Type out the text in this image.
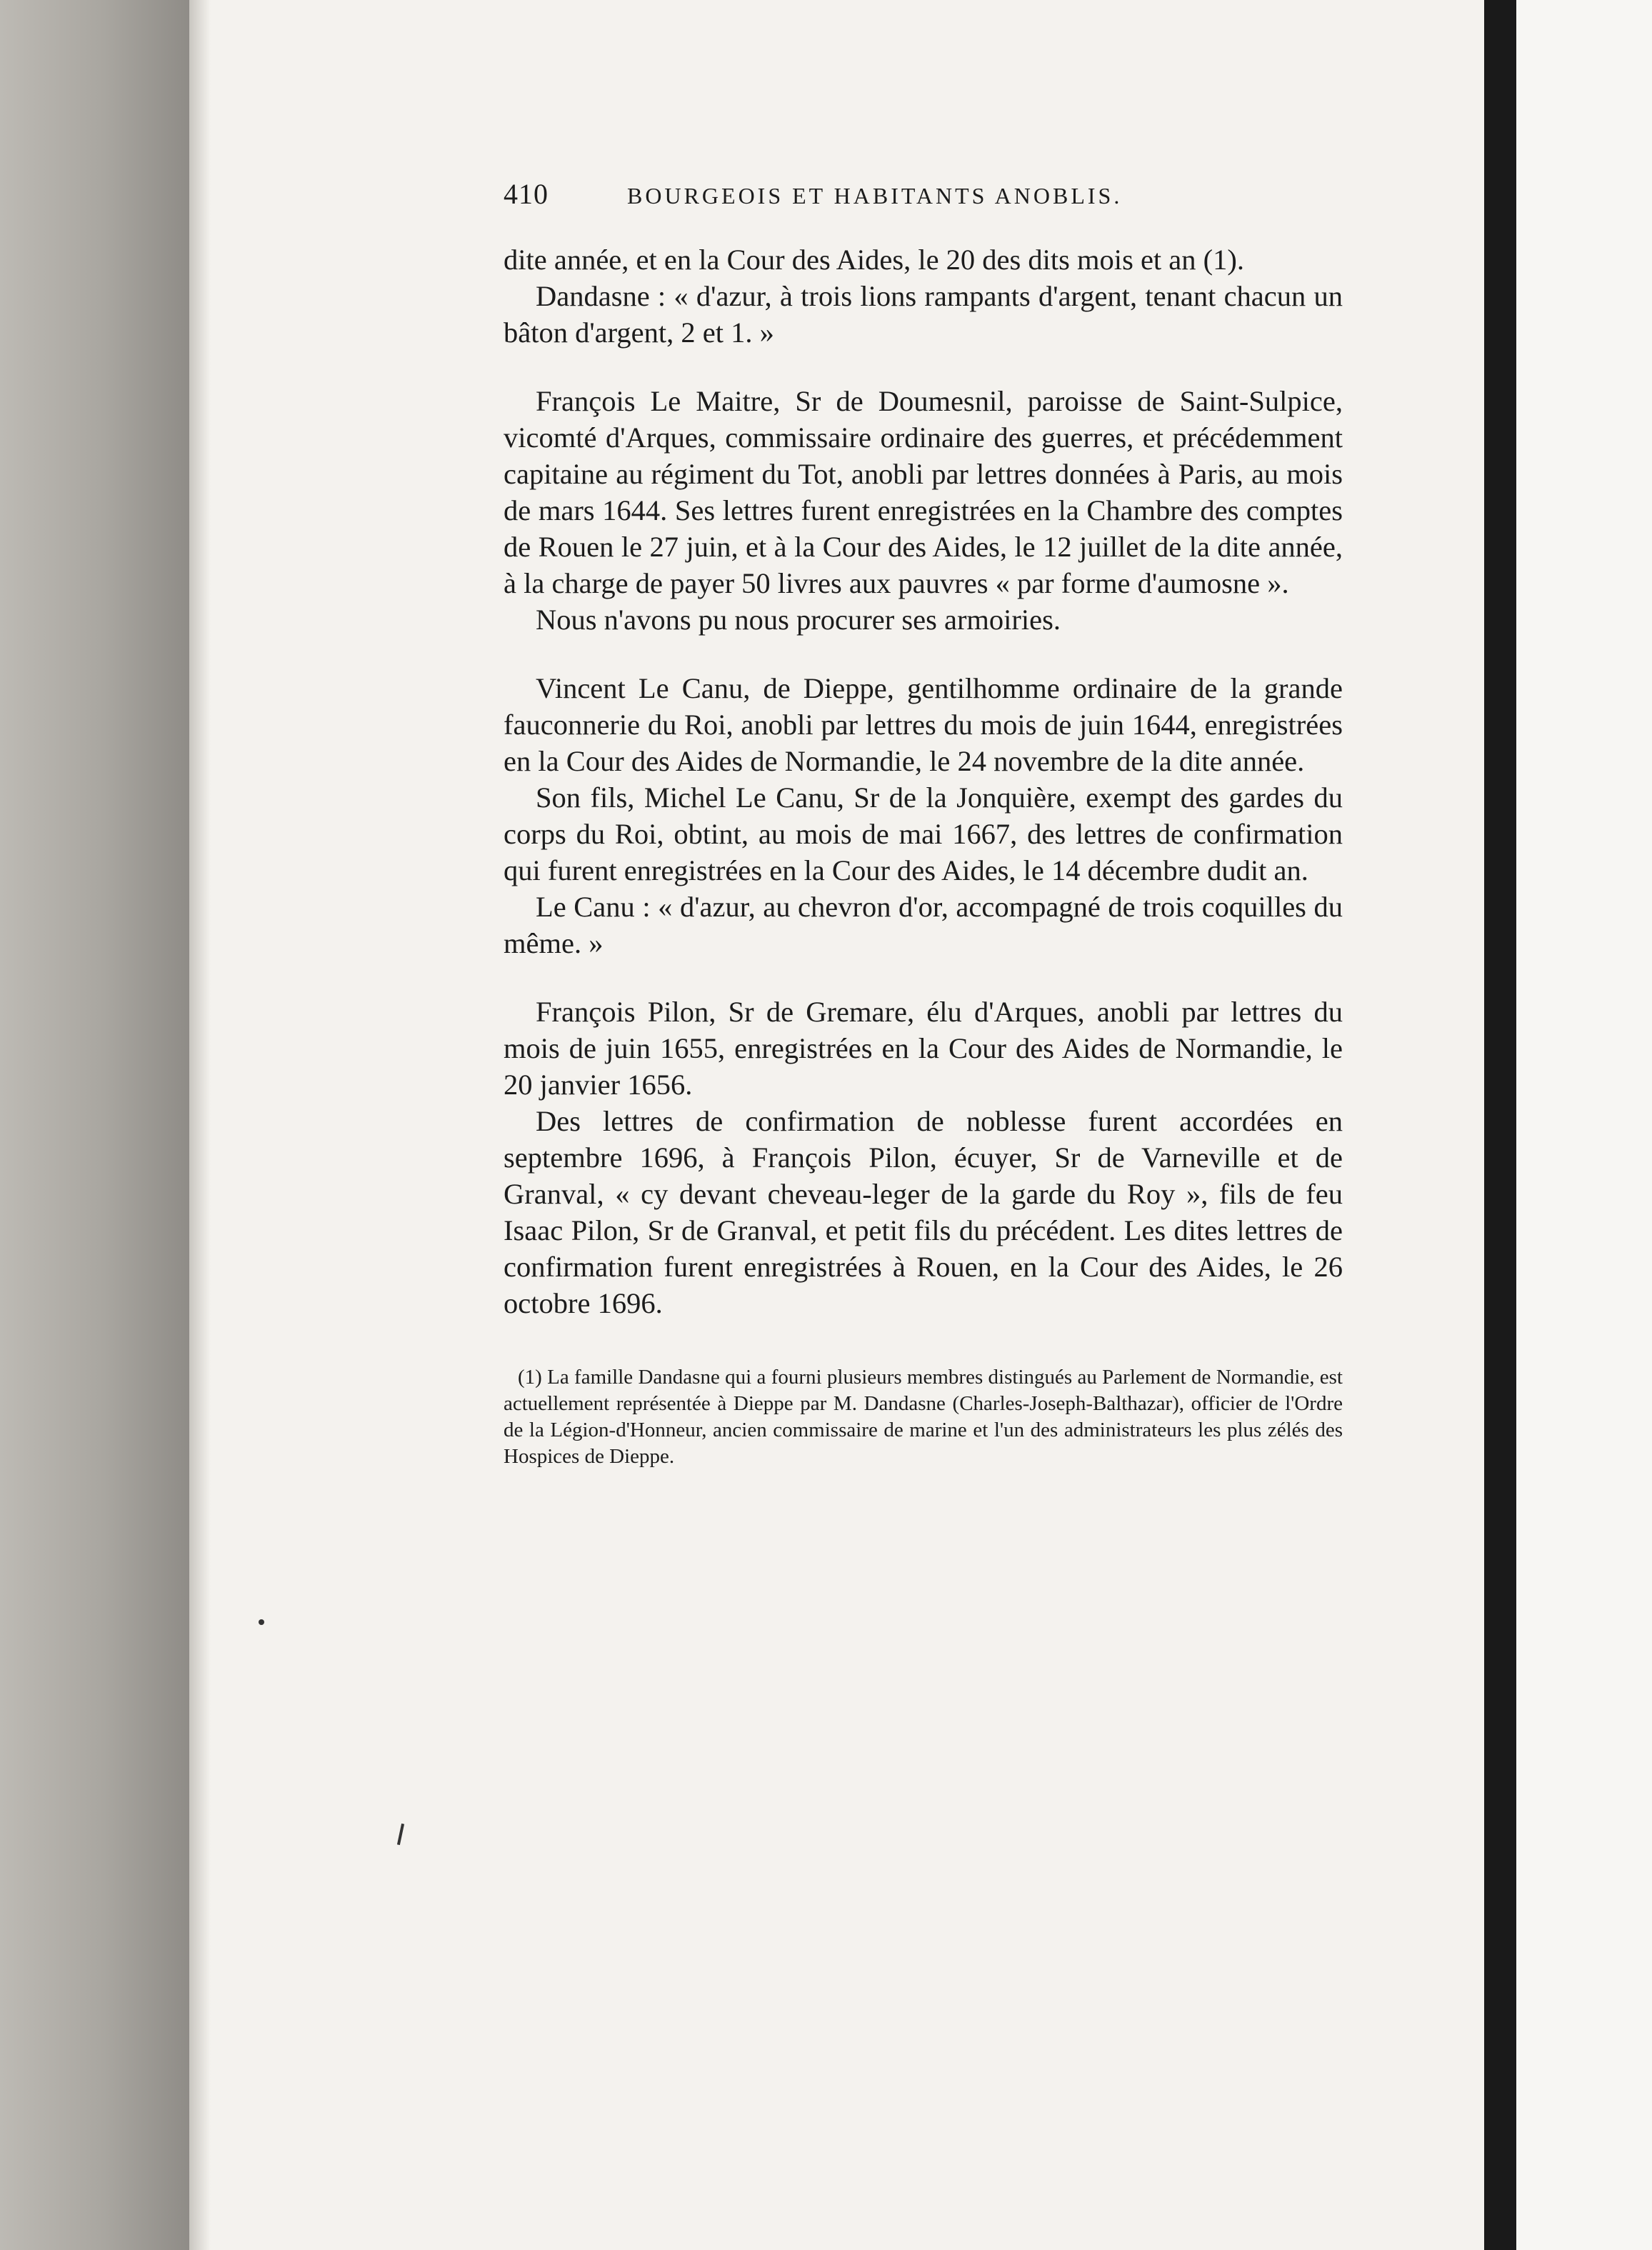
410	BOURGEOIS ET HABITANTS ANOBLIS.

dite année, et en la Cour des Aides, le 20 des dits mois et an (1).

Dandasne : « d'azur, à trois lions rampants d'argent, tenant chacun un bâton d'argent, 2 et 1. »

François Le Maitre, Sr de Doumesnil, paroisse de Saint-Sulpice, vicomté d'Arques, commissaire ordinaire des guerres, et précédemment capitaine au régiment du Tot, anobli par lettres données à Paris, au mois de mars 1644. Ses lettres furent enregistrées en la Chambre des comptes de Rouen le 27 juin, et à la Cour des Aides, le 12 juillet de la dite année, à la charge de payer 50 livres aux pauvres « par forme d'aumosne ».

Nous n'avons pu nous procurer ses armoiries.

Vincent Le Canu, de Dieppe, gentilhomme ordinaire de la grande fauconnerie du Roi, anobli par lettres du mois de juin 1644, enregistrées en la Cour des Aides de Normandie, le 24 novembre de la dite année.

Son fils, Michel Le Canu, Sr de la Jonquière, exempt des gardes du corps du Roi, obtint, au mois de mai 1667, des lettres de confirmation qui furent enregistrées en la Cour des Aides, le 14 décembre dudit an.

Le Canu : « d'azur, au chevron d'or, accompagné de trois coquilles du même. »

François Pilon, Sr de Gremare, élu d'Arques, anobli par lettres du mois de juin 1655, enregistrées en la Cour des Aides de Normandie, le 20 janvier 1656.

Des lettres de confirmation de noblesse furent accordées en septembre 1696, à François Pilon, écuyer, Sr de Varneville et de Granval, « cy devant cheveau-leger de la garde du Roy », fils de feu Isaac Pilon, Sr de Granval, et petit fils du précédent. Les dites lettres de confirmation furent enregistrées à Rouen, en la Cour des Aides, le 26 octobre 1696.

(1) La famille Dandasne qui a fourni plusieurs membres distingués au Parlement de Normandie, est actuellement représentée à Dieppe par M. Dandasne (Charles-Joseph-Balthazar), officier de l'Ordre de la Légion-d'Honneur, ancien commissaire de marine et l'un des administrateurs les plus zélés des Hospices de Dieppe.
